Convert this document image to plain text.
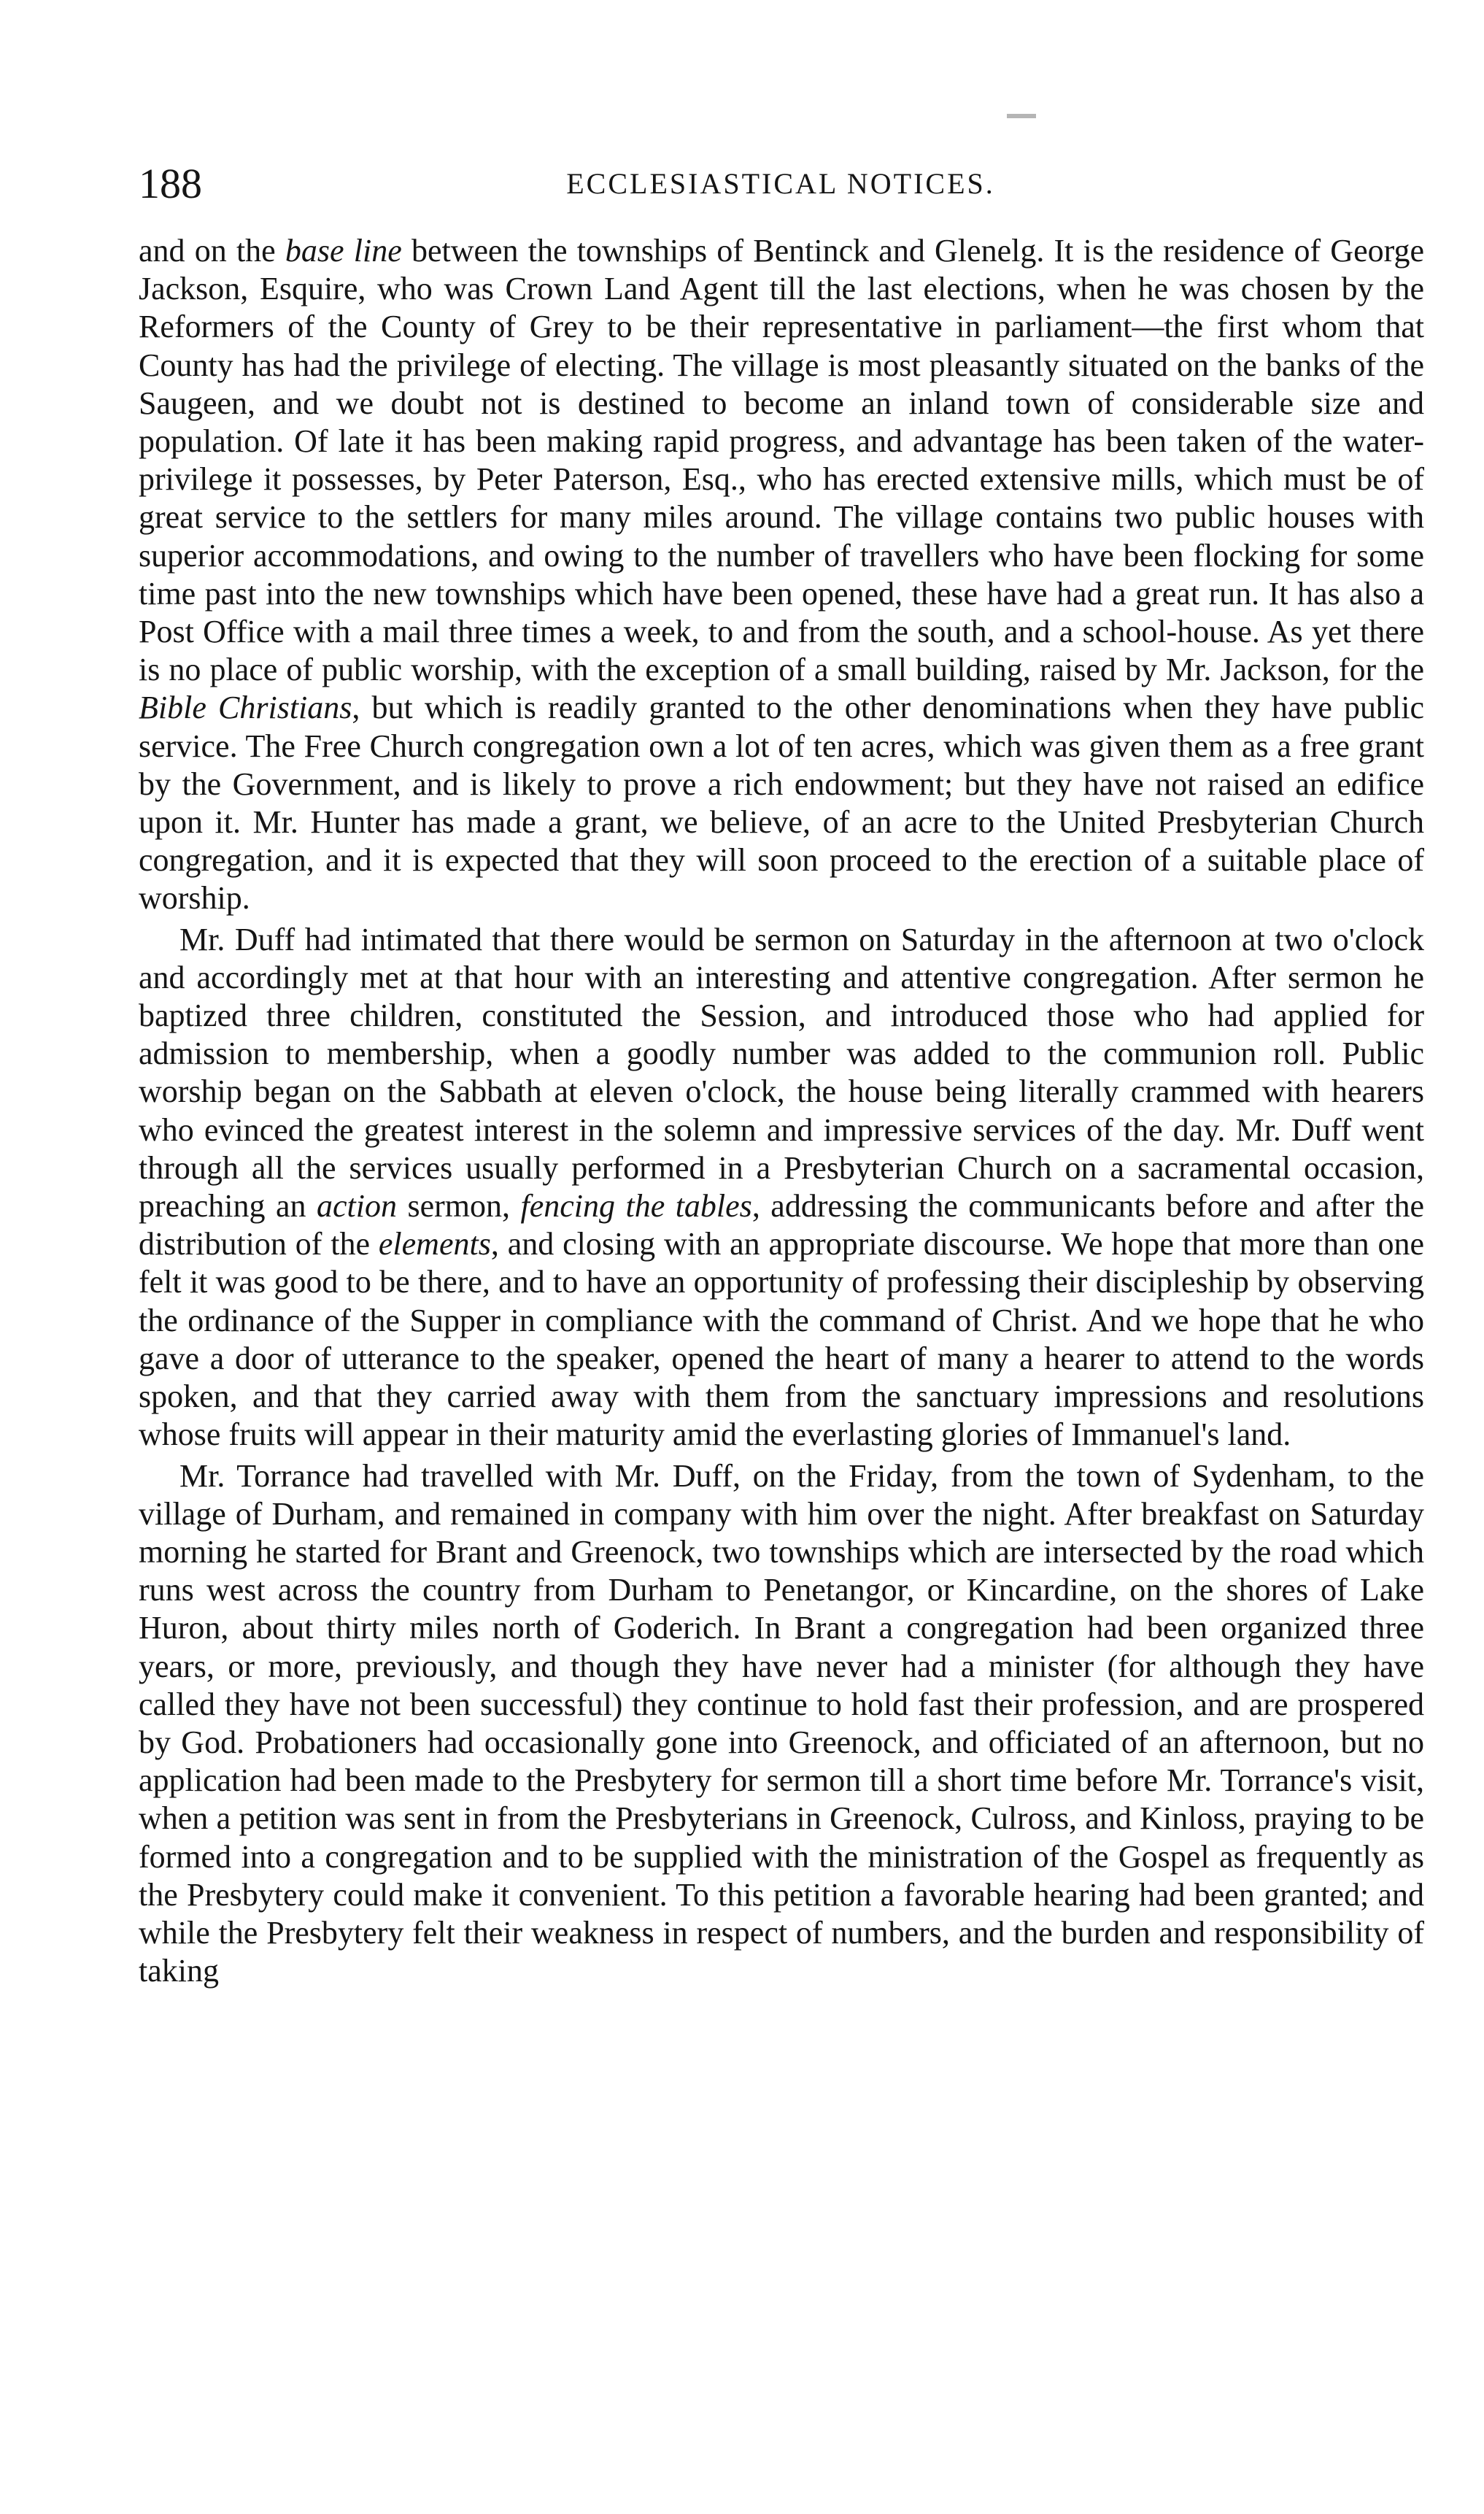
188	ECCLESIASTICAL NOTICES.

and on the base line between the townships of Bentinck and Glenelg. It is the residence of George Jackson, Esquire, who was Crown Land Agent till the last elections, when he was chosen by the Reformers of the County of Grey to be their representative in parliament—the first whom that County has had the privilege of electing. The village is most pleasantly situated on the banks of the Saugeen, and we doubt not is destined to become an inland town of considerable size and population. Of late it has been making rapid progress, and advantage has been taken of the water-privilege it possesses, by Peter Paterson, Esq., who has erected extensive mills, which must be of great service to the settlers for many miles around. The village contains two public houses with superior accommodations, and owing to the number of travellers who have been flocking for some time past into the new townships which have been opened, these have had a great run. It has also a Post Office with a mail three times a week, to and from the south, and a school-house. As yet there is no place of public worship, with the exception of a small building, raised by Mr. Jackson, for the Bible Christians, but which is readily granted to the other denominations when they have public service. The Free Church congregation own a lot of ten acres, which was given them as a free grant by the Government, and is likely to prove a rich endowment; but they have not raised an edifice upon it. Mr. Hunter has made a grant, we believe, of an acre to the United Presbyterian Church congregation, and it is expected that they will soon proceed to the erection of a suitable place of worship.

Mr. Duff had intimated that there would be sermon on Saturday in the afternoon at two o'clock and accordingly met at that hour with an interesting and attentive congregation. After sermon he baptized three children, constituted the Session, and introduced those who had applied for admission to membership, when a goodly number was added to the communion roll. Public worship began on the Sabbath at eleven o'clock, the house being literally crammed with hearers who evinced the greatest interest in the solemn and impressive services of the day. Mr. Duff went through all the services usually performed in a Presbyterian Church on a sacramental occasion, preaching an action sermon, fencing the tables, addressing the communicants before and after the distribution of the elements, and closing with an appropriate discourse. We hope that more than one felt it was good to be there, and to have an opportunity of professing their discipleship by observing the ordinance of the Supper in compliance with the command of Christ. And we hope that he who gave a door of utterance to the speaker, opened the heart of many a hearer to attend to the words spoken, and that they carried away with them from the sanctuary impressions and resolutions whose fruits will appear in their maturity amid the everlasting glories of Immanuel's land.

Mr. Torrance had travelled with Mr. Duff, on the Friday, from the town of Sydenham, to the village of Durham, and remained in company with him over the night. After breakfast on Saturday morning he started for Brant and Greenock, two townships which are intersected by the road which runs west across the country from Durham to Penetangor, or Kincardine, on the shores of Lake Huron, about thirty miles north of Goderich. In Brant a congregation had been organized three years, or more, previously, and though they have never had a minister (for although they have called they have not been successful) they continue to hold fast their profession, and are prospered by God. Probationers had occasionally gone into Greenock, and officiated of an afternoon, but no application had been made to the Presbytery for sermon till a short time before Mr. Torrance's visit, when a petition was sent in from the Presbyterians in Greenock, Culross, and Kinloss, praying to be formed into a congregation and to be supplied with the ministration of the Gospel as frequently as the Presbytery could make it convenient. To this petition a favorable hearing had been granted; and while the Presbytery felt their weakness in respect of numbers, and the burden and responsibility of taking
